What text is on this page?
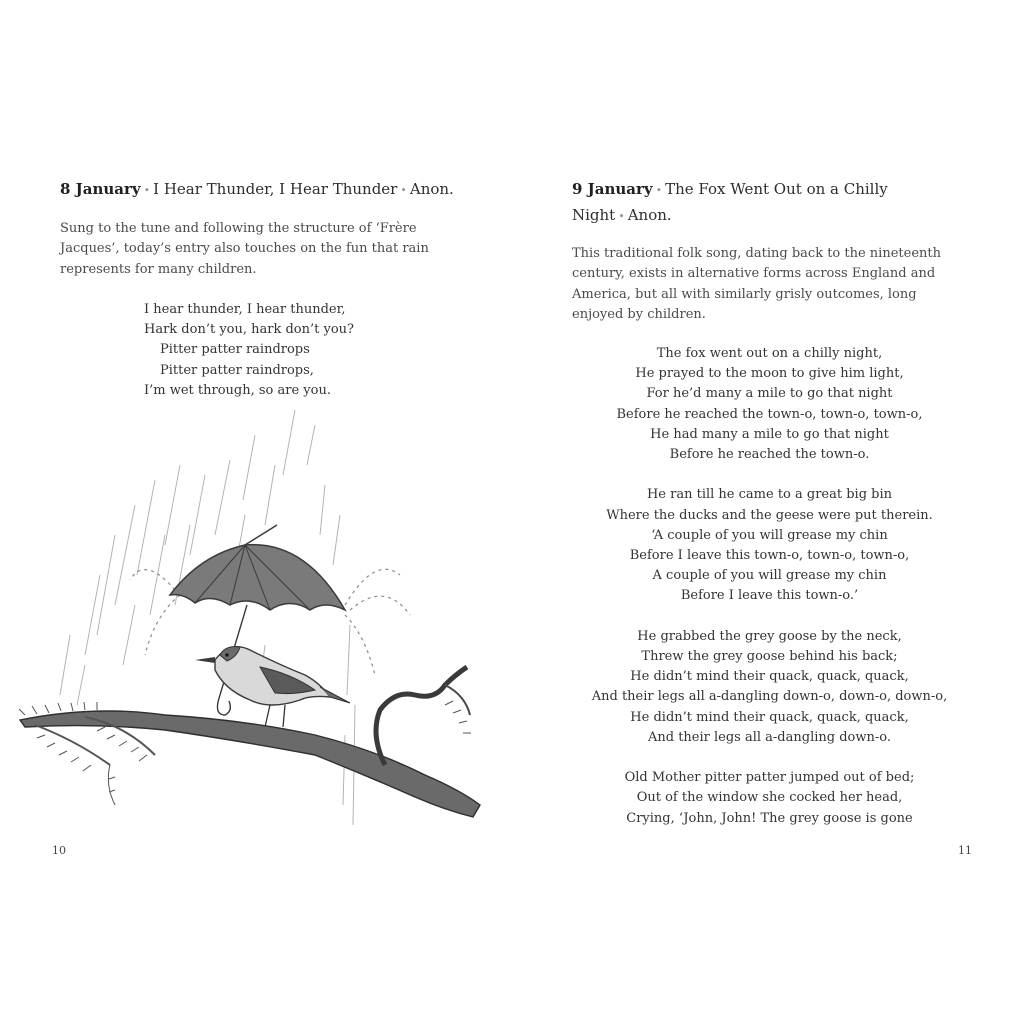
8 January • I Hear Thunder, I Hear Thunder • Anon.

Sung to the tune and following the structure of ‘Frère Jacques’, today’s entry also touches on the fun that rain represents for many children.

I hear thunder, I hear thunder,
Hark don’t you, hark don’t you?
Pitter patter raindrops
Pitter patter raindrops,
I’m wet through, so are you.
10
9 January • The Fox Went Out on a Chilly Night • Anon.

This traditional folk song, dating back to the nineteenth century, exists in alternative forms across England and America, but all with similarly grisly outcomes, long enjoyed by children.

The fox went out on a chilly night,
He prayed to the moon to give him light,
For he’d many a mile to go that night
Before he reached the town-o, town-o, town-o,
He had many a mile to go that night
Before he reached the town-o.
He ran till he came to a great big bin
Where the ducks and the geese were put therein.
‘A couple of you will grease my chin
Before I leave this town-o, town-o, town-o,
A couple of you will grease my chin
Before I leave this town-o.’
He grabbed the grey goose by the neck,
Threw the grey goose behind his back;
He didn’t mind their quack, quack, quack,
And their legs all a-dangling down-o, down-o, down-o,
He didn’t mind their quack, quack, quack,
And their legs all a-dangling down-o.
Old Mother pitter patter jumped out of bed;
Out of the window she cocked her head,
Crying, ‘John, John! The grey goose is gone
11
